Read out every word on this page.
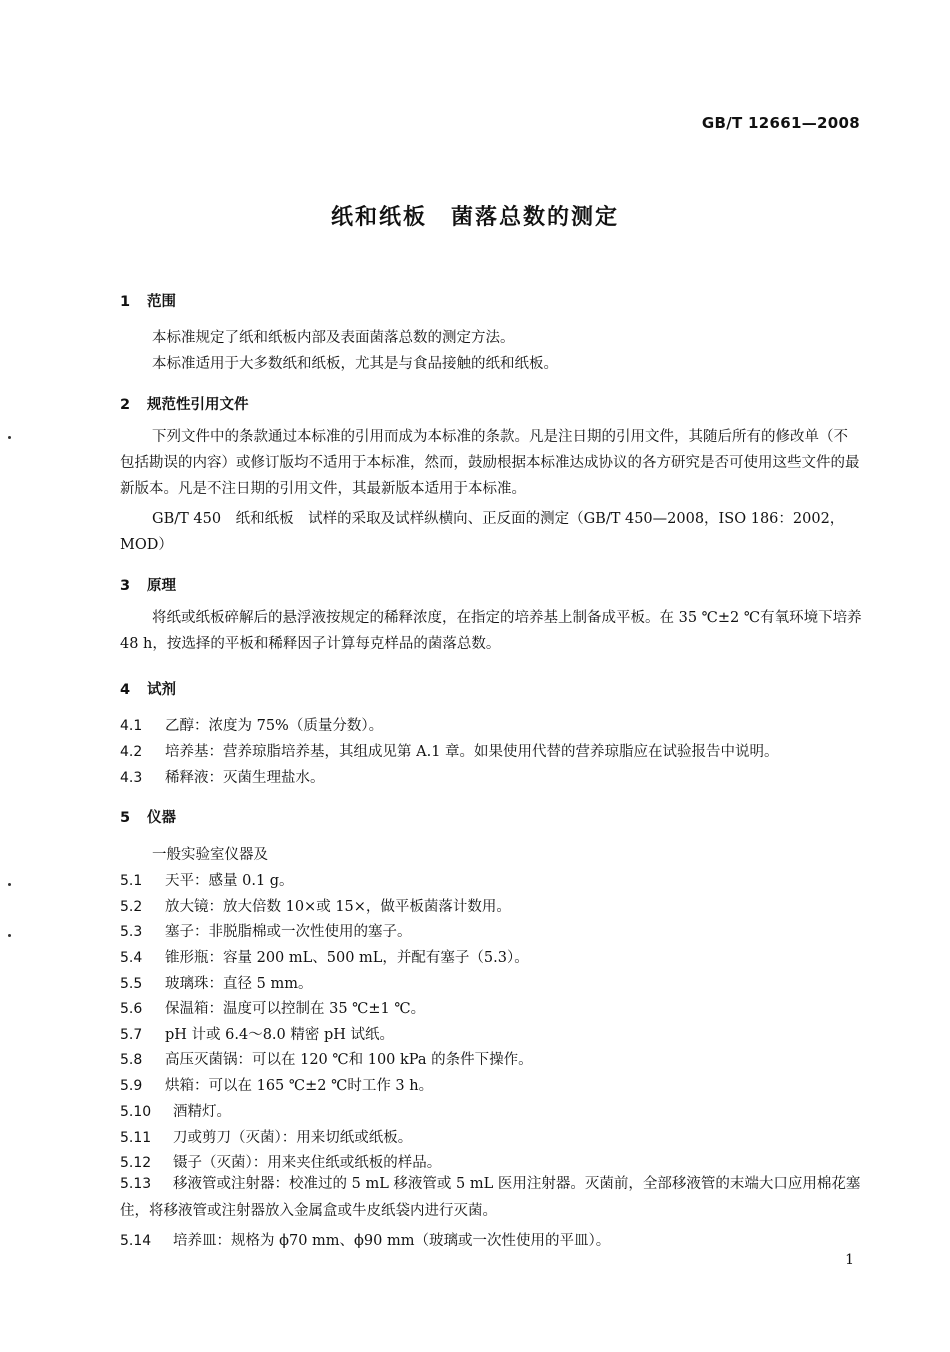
GB/T 12661—2008
纸和纸板　菌落总数的测定
1 范围
本标准规定了纸和纸板内部及表面菌落总数的测定方法。
本标准适用于大多数纸和纸板，尤其是与食品接触的纸和纸板。
2 规范性引用文件
下列文件中的条款通过本标准的引用而成为本标准的条款。凡是注日期的引用文件，其随后所有的修改单（不包括勘误的内容）或修订版均不适用于本标准，然而，鼓励根据本标准达成协议的各方研究是否可使用这些文件的最新版本。凡是不注日期的引用文件，其最新版本适用于本标准。
GB/T 450　纸和纸板　试样的采取及试样纵横向、正反面的测定（GB/T 450—2008，ISO 186：2002，MOD）
3 原理
将纸或纸板碎解后的悬浮液按规定的稀释浓度，在指定的培养基上制备成平板。在 35 ℃±2 ℃有氧环境下培养 48 h，按选择的平板和稀释因子计算每克样品的菌落总数。
4 试剂
4.1 乙醇：浓度为 75%（质量分数）。
4.2 培养基：营养琼脂培养基，其组成见第 A.1 章。如果使用代替的营养琼脂应在试验报告中说明。
4.3 稀释液：灭菌生理盐水。
5 仪器
一般实验室仪器及
5.1 天平：感量 0.1 g。
5.2 放大镜：放大倍数 10×或 15×，做平板菌落计数用。
5.3 塞子：非脱脂棉或一次性使用的塞子。
5.4 锥形瓶：容量 200 mL、500 mL，并配有塞子（5.3）。
5.5 玻璃珠：直径 5 mm。
5.6 保温箱：温度可以控制在 35 ℃±1 ℃。
5.7 pH 计或 6.4～8.0 精密 pH 试纸。
5.8 高压灭菌锅：可以在 120 ℃和 100 kPa 的条件下操作。
5.9 烘箱：可以在 165 ℃±2 ℃时工作 3 h。
5.10 酒精灯。
5.11 刀或剪刀（灭菌）：用来切纸或纸板。
5.12 镊子（灭菌）：用来夹住纸或纸板的样品。
5.13 移液管或注射器：校准过的 5 mL 移液管或 5 mL 医用注射器。灭菌前，全部移液管的末端大口应用棉花塞住，将移液管或注射器放入金属盒或牛皮纸袋内进行灭菌。
5.14 培养皿：规格为 ϕ70 mm、ϕ90 mm（玻璃或一次性使用的平皿）。
1
